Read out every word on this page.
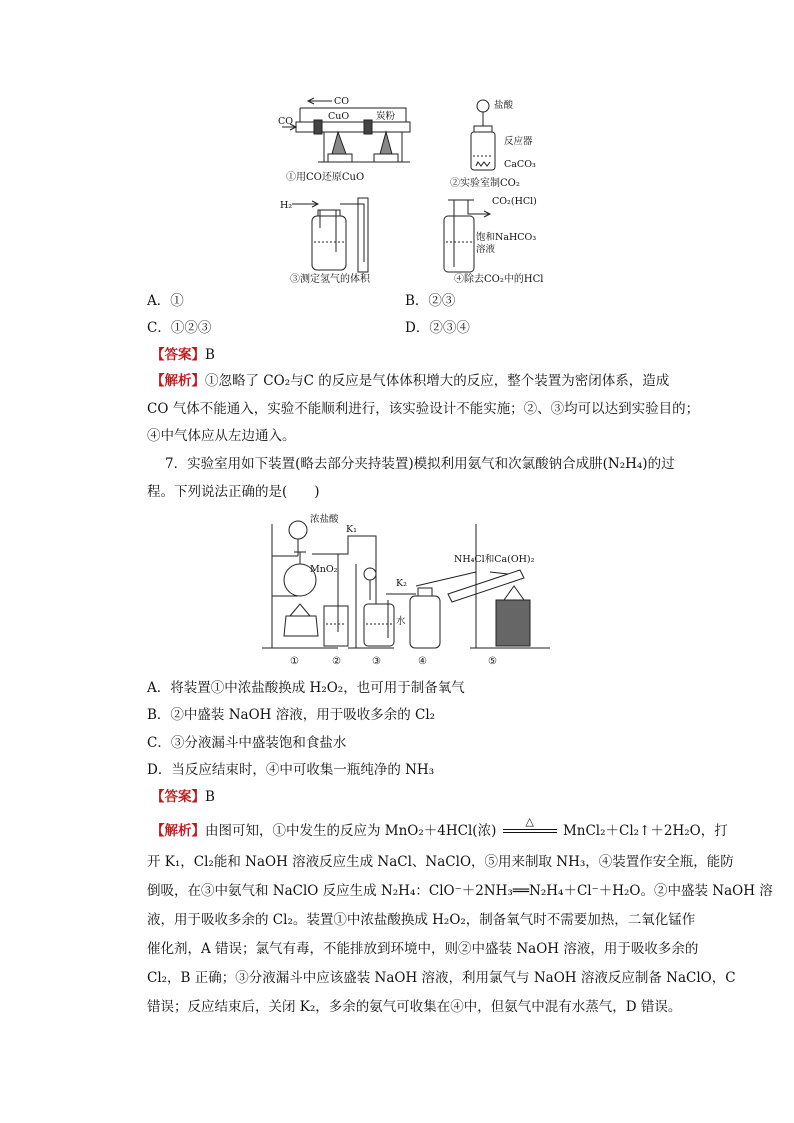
CO
CO	CuO	炭粉
盐酸
反应器
CaCO₃
H₂	CO₂(HCl)
饱和NaHCO₃
溶液
①用CO还原CuO
②实验室制CO₂
③测定氢气的体积	④除去CO₂中的HCl
A．①	B．②③
C．①②③	D．②③④
【答案】B
【解析】①忽略了 CO₂与C 的反应是气体体积增大的反应，整个装置为密闭体系，造成
CO 气体不能通入，实验不能顺利进行，该实验设计不能实施；②、③均可以达到实验目的；
④中气体应从左边通入。
7．实验室用如下装置(略去部分夹持装置)模拟利用氨气和次氯酸钠合成肼(N₂H₄)的过
程。下列说法正确的是(　　)
浓盐酸
K₁
MnO₂
K₂
水
NH₄Cl和Ca(OH)₂
①	②	③	④	⑤
A．将装置①中浓盐酸换成 H₂O₂，也可用于制备氧气
B．②中盛装 NaOH 溶液，用于吸收多余的 Cl₂
C．③分液漏斗中盛装饱和食盐水
D．当反应结束时，④中可收集一瓶纯净的 NH₃
【答案】B
【解析】由图可知，①中发生的反应为 MnO₂＋4HCl(浓)
△
MnCl₂＋Cl₂↑＋2H₂O，打
开 K₁，Cl₂能和 NaOH 溶液反应生成 NaCl、NaClO，⑤用来制取 NH₃，④装置作安全瓶，能防
倒吸，在③中氨气和 NaClO 反应生成 N₂H₄：ClO⁻＋2NH₃══N₂H₄＋Cl⁻＋H₂O。②中盛装 NaOH 溶
液，用于吸收多余的 Cl₂。装置①中浓盐酸换成 H₂O₂，制备氧气时不需要加热，二氧化锰作
催化剂，A 错误；氯气有毒，不能排放到环境中，则②中盛装 NaOH 溶液，用于吸收多余的
Cl₂，B 正确；③分液漏斗中应该盛装 NaOH 溶液，利用氯气与 NaOH 溶液反应制备 NaClO，C
错误；反应结束后，关闭 K₂，多余的氨气可收集在④中，但氨气中混有水蒸气，D 错误。
